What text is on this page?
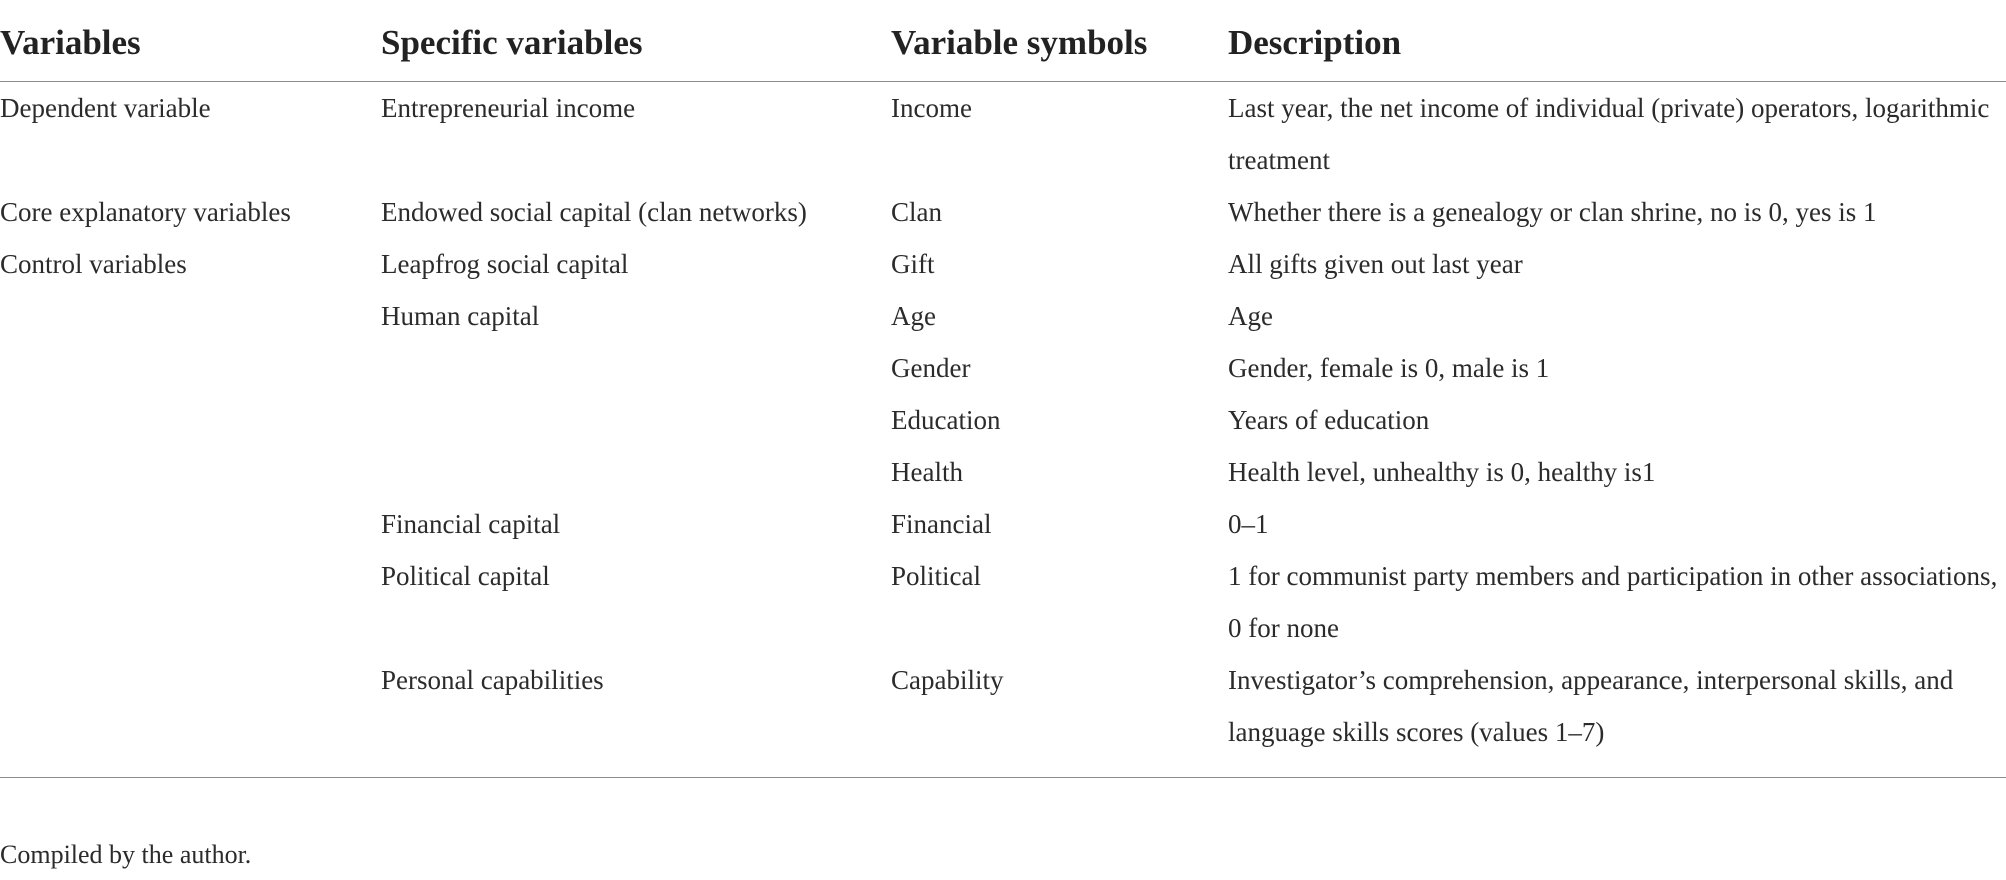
Variables	Specific variables	Variable symbols	Description
Dependent variable	Entrepreneurial income	Income	Last year, the net income of individual (private) operators, logarithmic treatment
Core explanatory variables	Endowed social capital (clan networks)	Clan	Whether there is a genealogy or clan shrine, no is 0, yes is 1
Control variables	Leapfrog social capital	Gift	All gifts given out last year
	Human capital	Age	Age
		Gender	Gender, female is 0, male is 1
		Education	Years of education
		Health	Health level, unhealthy is 0, healthy is1
	Financial capital	Financial	0–1
	Political capital	Political	1 for communist party members and participation in other associations, 0 for none
	Personal capabilities	Capability	Investigator’s comprehension, appearance, interpersonal skills, and language skills scores (values 1–7)
Compiled by the author.
